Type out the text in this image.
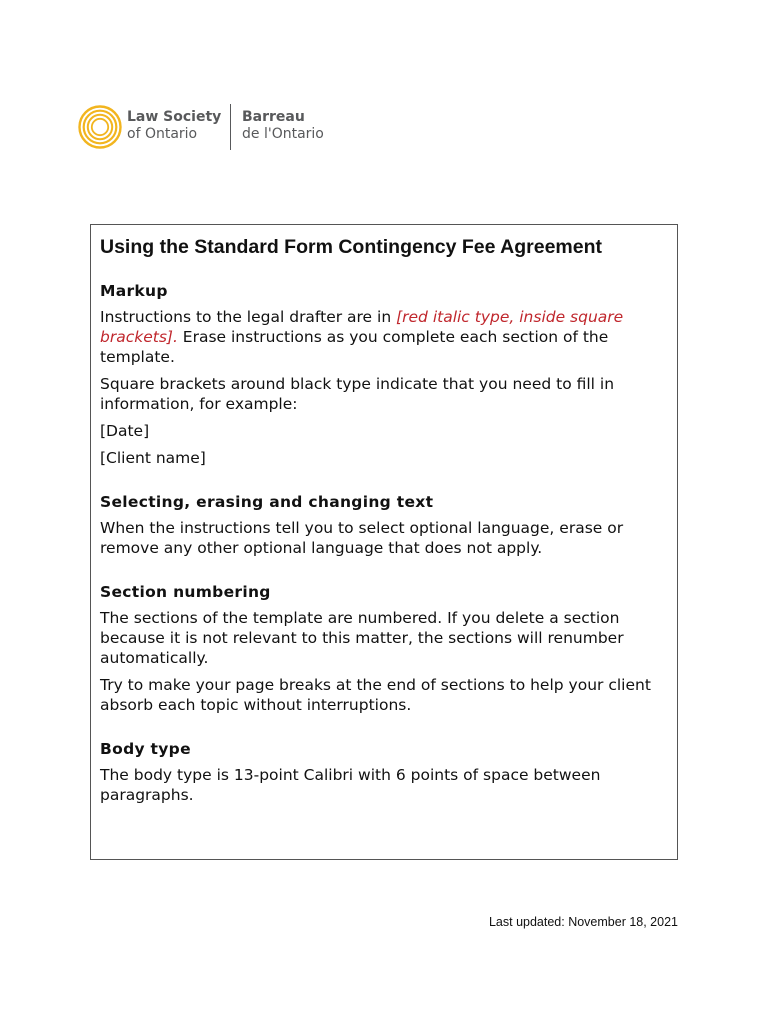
Law Society
of Ontario
Barreau
de l'Ontario
Using the Standard Form Contingency Fee Agreement
Markup

Instructions to the legal drafter are in [red italic type, inside square brackets]. Erase instructions as you complete each section of the template.

Square brackets around black type indicate that you need to fill in information, for example:

[Date]

[Client name]

Selecting, erasing and changing text

When the instructions tell you to select optional language, erase or remove any other optional language that does not apply.

Section numbering

The sections of the template are numbered. If you delete a section because it is not relevant to this matter, the sections will renumber automatically.

Try to make your page breaks at the end of sections to help your client absorb each topic without interruptions.

Body type

The body type is 13-point Calibri with 6 points of space between paragraphs.

Last updated: November 18, 2021
